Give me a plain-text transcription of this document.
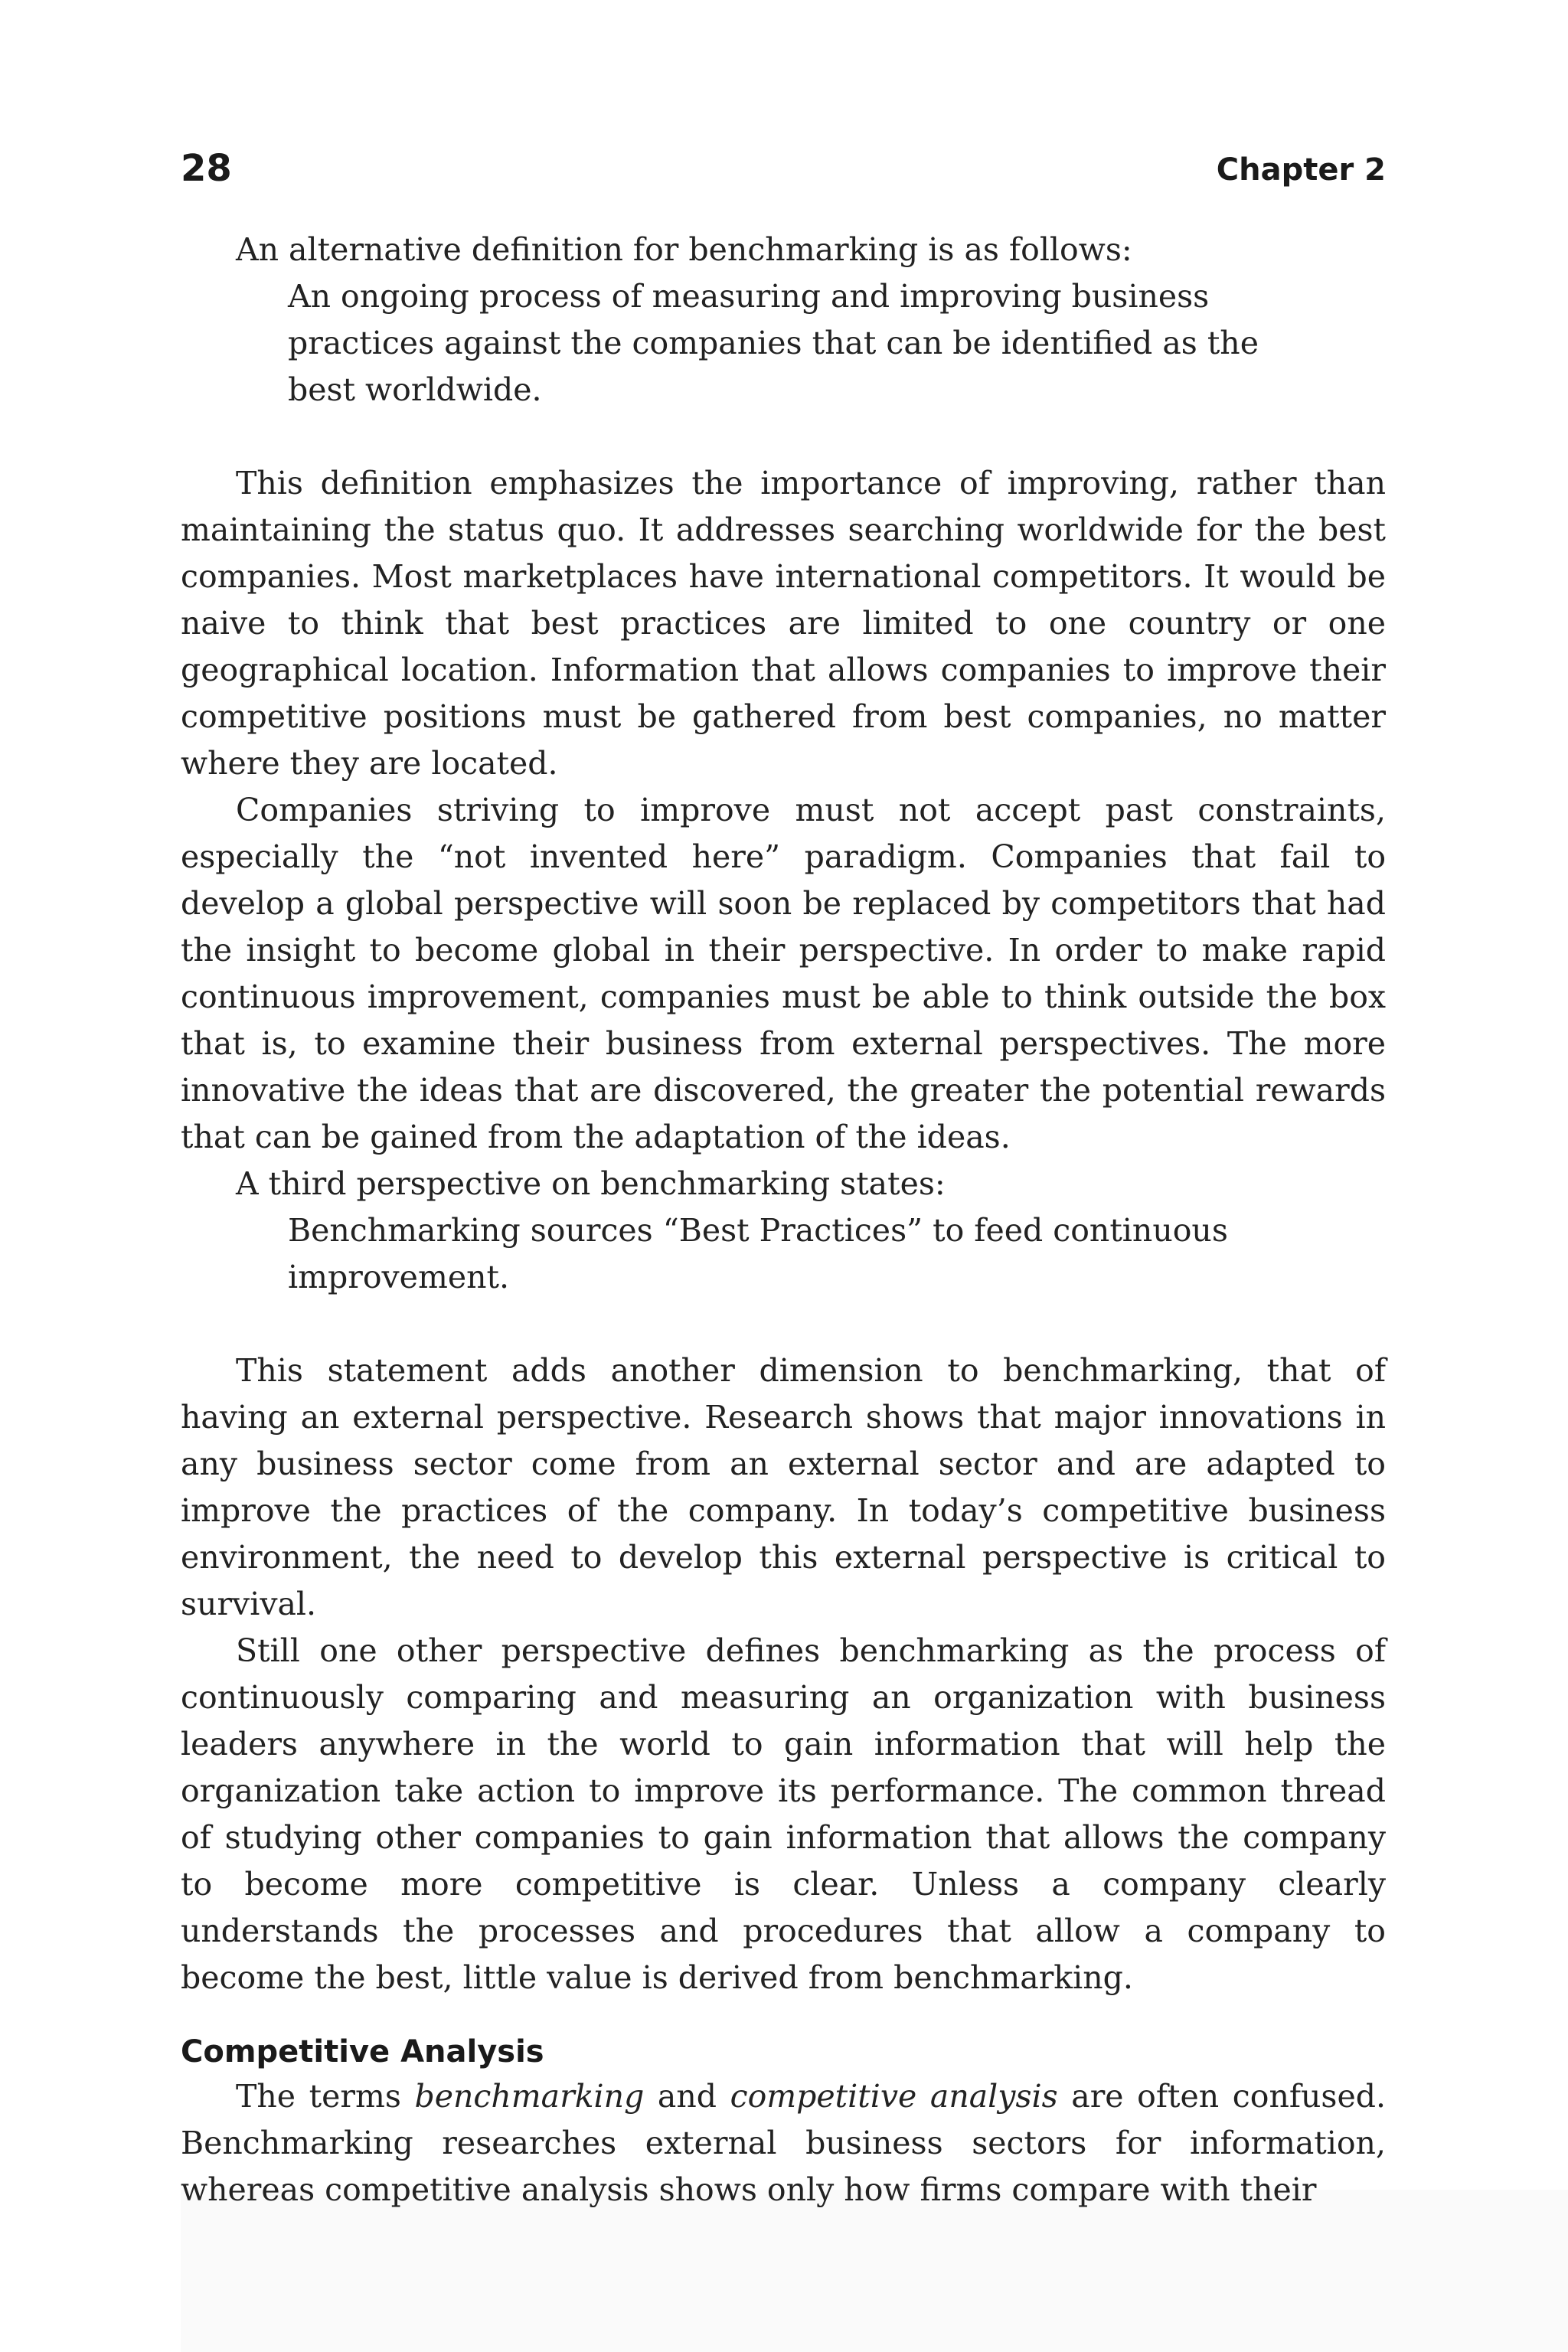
28	Chapter 2

An alternative definition for benchmarking is as follows:

An ongoing process of measuring and improving business practices against the companies that can be identified as the best worldwide.

This definition emphasizes the importance of improving, rather than maintaining the status quo. It addresses searching worldwide for the best companies. Most marketplaces have international competitors. It would be naive to think that best practices are limited to one country or one geographical location. Information that allows companies to improve their competitive positions must be gathered from best companies, no matter where they are located.

Companies striving to improve must not accept past constraints, especially the “not invented here” paradigm. Companies that fail to develop a global perspective will soon be replaced by competitors that had the insight to become global in their perspective. In order to make rapid continuous improvement, companies must be able to think outside the box that is, to examine their business from external perspectives. The more innovative the ideas that are discovered, the greater the potential rewards that can be gained from the adaptation of the ideas.

A third perspective on benchmarking states:

Benchmarking sources “Best Practices” to feed continuous improvement.

This statement adds another dimension to benchmarking, that of having an external perspective. Research shows that major innovations in any business sector come from an external sector and are adapted to improve the practices of the company. In today’s competitive business environment, the need to develop this external perspective is critical to survival.

Still one other perspective defines benchmarking as the process of continuously comparing and measuring an organization with business leaders anywhere in the world to gain information that will help the organization take action to improve its performance. The common thread of studying other companies to gain information that allows the company to become more competitive is clear. Unless a company clearly understands the processes and procedures that allow a company to become the best, little value is derived from benchmarking.

Competitive Analysis

The terms benchmarking and competitive analysis are often confused. Benchmarking researches external business sectors for information, whereas competitive analysis shows only how firms compare with their
